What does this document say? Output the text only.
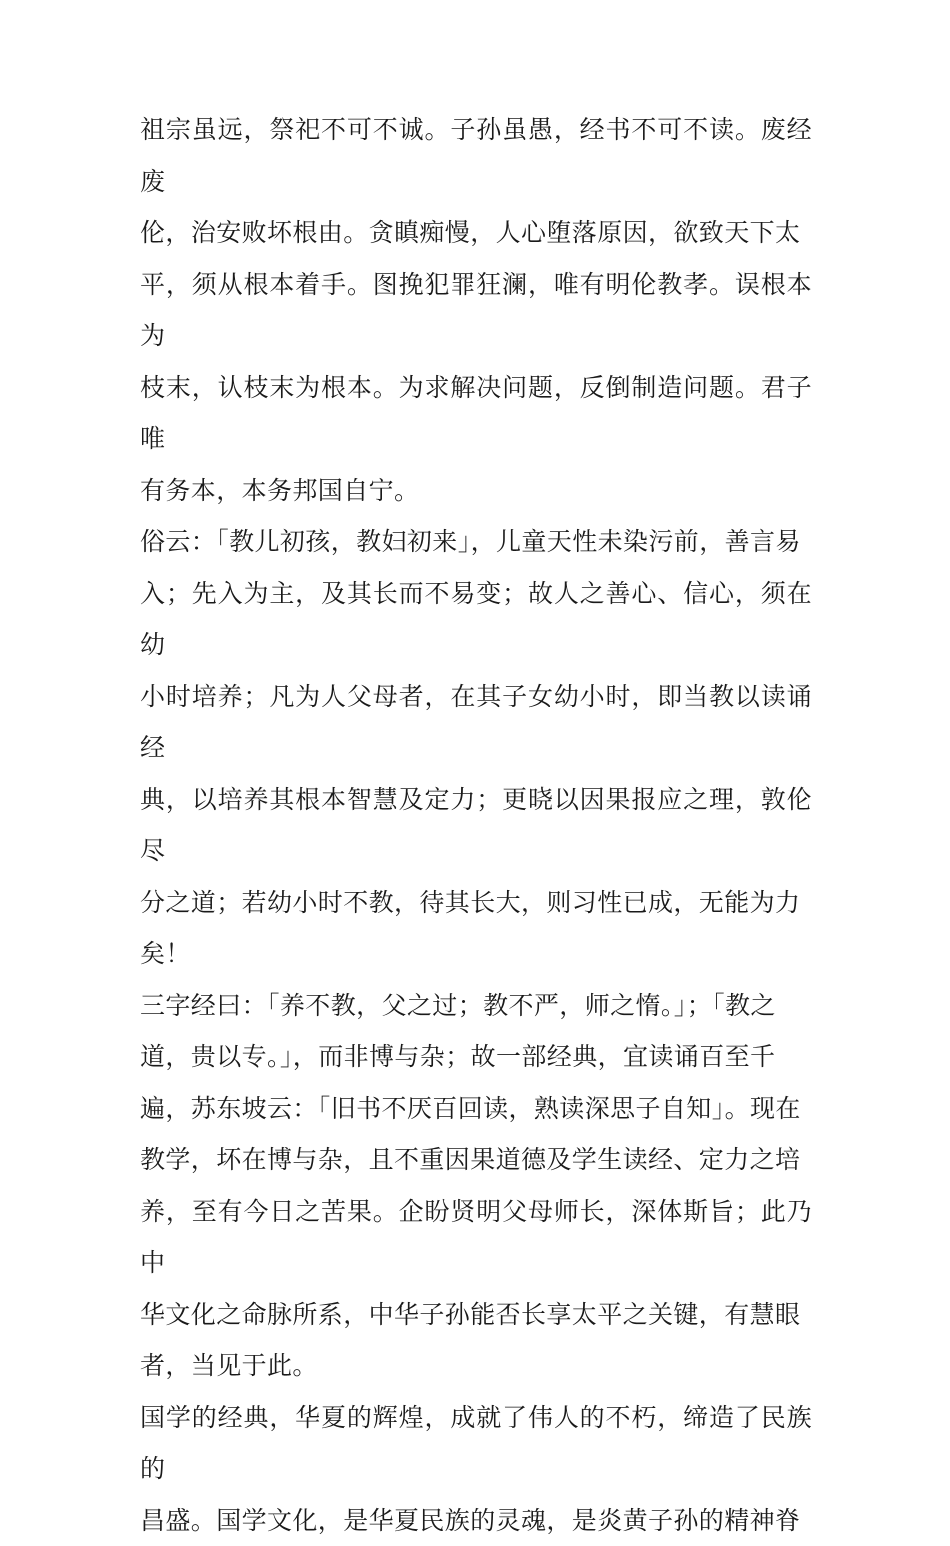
祖宗虽远，祭祀不可不诚。子孙虽愚，经书不可不读。废经废
伦，治安败坏根由。贪瞋痴慢，人心堕落原因，欲致天下太
平，须从根本着手。图挽犯罪狂澜，唯有明伦教孝。误根本为
枝末，认枝末为根本。为求解决问题，反倒制造问题。君子唯
有务本，本务邦国自宁。

俗云：「教儿初孩，教妇初来」，儿童天性未染污前，善言易
入；先入为主，及其长而不易变；故人之善心、信心，须在幼
小时培养；凡为人父母者，在其子女幼小时，即当教以读诵经
典，以培养其根本智慧及定力；更晓以因果报应之理，敦伦尽
分之道；若幼小时不教，待其长大，则习性已成，无能为力
矣！

三字经曰：「养不教，父之过；教不严，师之惰。」；「教之
道，贵以专。」，而非博与杂；故一部经典，宜读诵百至千
遍，苏东坡云：「旧书不厌百回读，熟读深思子自知」。现在
教学，坏在博与杂，且不重因果道德及学生读经、定力之培
养，至有今日之苦果。企盼贤明父母师长，深体斯旨；此乃中
华文化之命脉所系，中华子孙能否长享太平之关键，有慧眼
者，当见于此。

国学的经典，华夏的辉煌，成就了伟人的不朽，缔造了民族的
昌盛。国学文化，是华夏民族的灵魂，是炎黄子孙的精神脊
